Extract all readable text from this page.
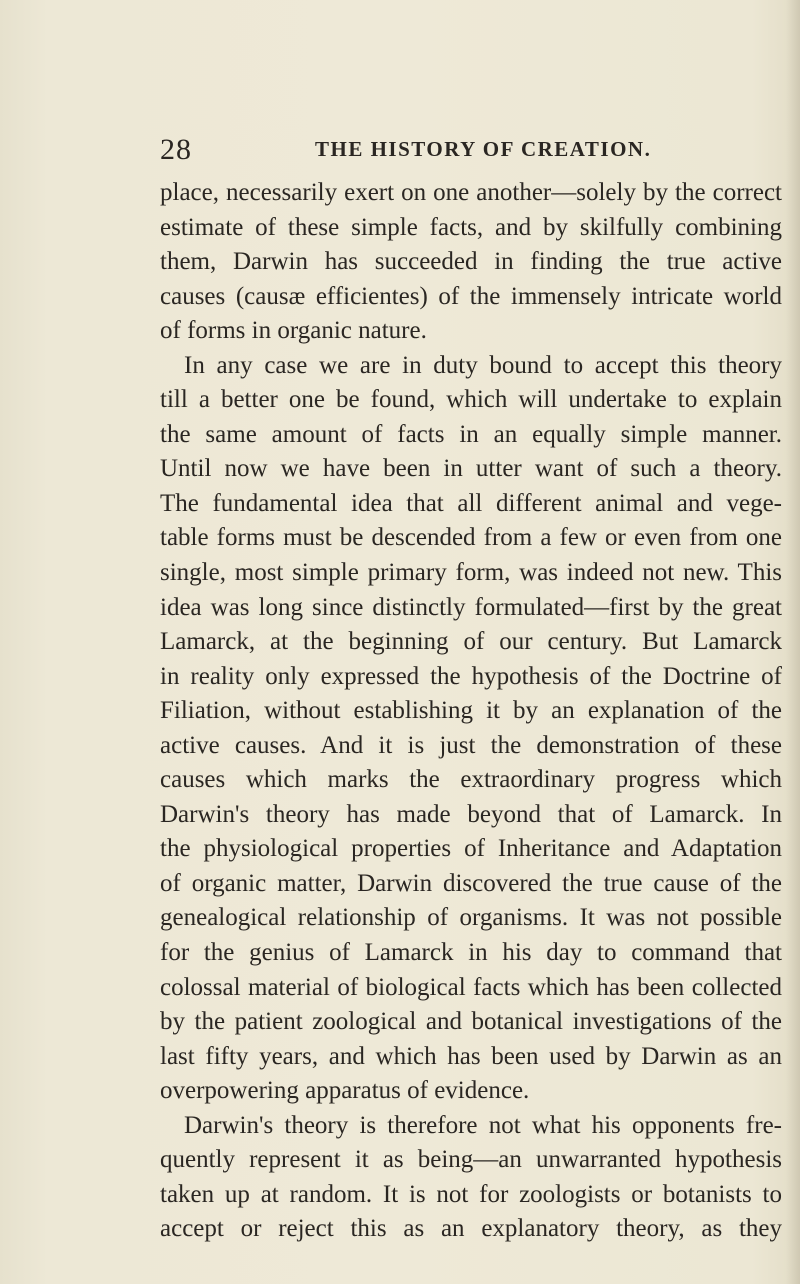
28	THE HISTORY OF CREATION.
place, necessarily exert on one another—solely by the correct
estimate of these simple facts, and by skilfully combining
them, Darwin has succeeded in finding the true active
causes (causæ efficientes) of the immensely intricate world
of forms in organic nature.
In any case we are in duty bound to accept this theory
till a better one be found, which will undertake to explain
the same amount of facts in an equally simple manner.
Until now we have been in utter want of such a theory.
The fundamental idea that all different animal and vege-
table forms must be descended from a few or even from one
single, most simple primary form, was indeed not new. This
idea was long since distinctly formulated—first by the great
Lamarck, at the beginning of our century. But Lamarck
in reality only expressed the hypothesis of the Doctrine of
Filiation, without establishing it by an explanation of the
active causes. And it is just the demonstration of these
causes which marks the extraordinary progress which
Darwin's theory has made beyond that of Lamarck. In
the physiological properties of Inheritance and Adaptation
of organic matter, Darwin discovered the true cause of the
genealogical relationship of organisms. It was not possible
for the genius of Lamarck in his day to command that
colossal material of biological facts which has been collected
by the patient zoological and botanical investigations of the
last fifty years, and which has been used by Darwin as an
overpowering apparatus of evidence.
Darwin's theory is therefore not what his opponents fre-
quently represent it as being—an unwarranted hypothesis
taken up at random. It is not for zoologists or botanists to
accept or reject this as an explanatory theory, as they
